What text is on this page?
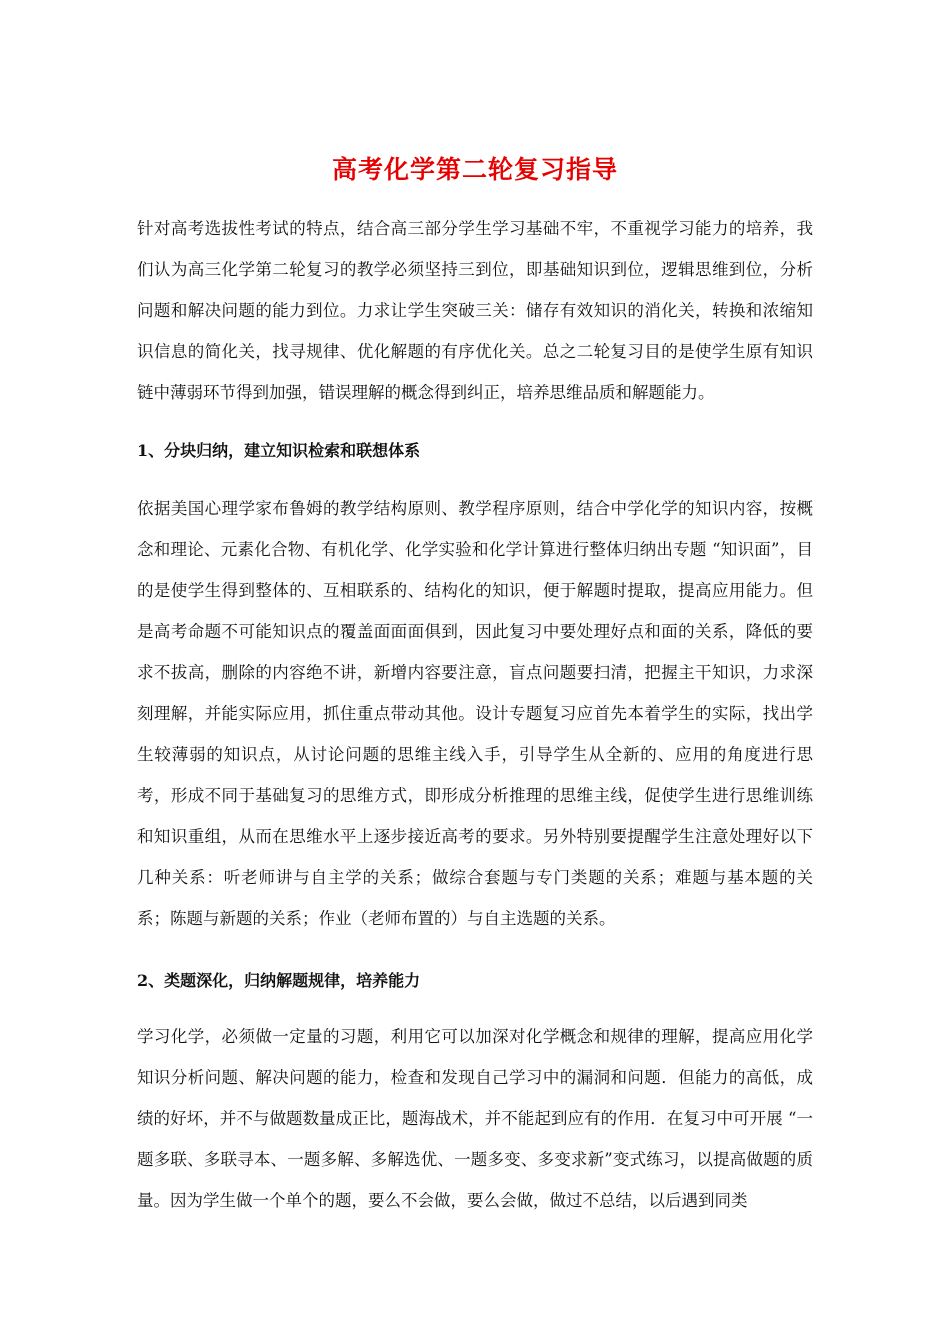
高考化学第二轮复习指导

针对高考选拔性考试的特点，结合高三部分学生学习基础不牢，不重视学习能力的培养，我们认为高三化学第二轮复习的教学必须坚持三到位，即基础知识到位，逻辑思维到位，分析问题和解决问题的能力到位。力求让学生突破三关：储存有效知识的消化关，转换和浓缩知识信息的简化关，找寻规律、优化解题的有序优化关。总之二轮复习目的是使学生原有知识链中薄弱环节得到加强，错误理解的概念得到纠正，培养思维品质和解题能力。

1、分块归纳，建立知识检索和联想体系

依据美国心理学家布鲁姆的教学结构原则、教学程序原则，结合中学化学的知识内容，按概念和理论、元素化合物、有机化学、化学实验和化学计算进行整体归纳出专题 “知识面”，目的是使学生得到整体的、互相联系的、结构化的知识，便于解题时提取，提高应用能力。但是高考命题不可能知识点的覆盖面面面俱到，因此复习中要处理好点和面的关系，降低的要求不拔高，删除的内容绝不讲，新增内容要注意，盲点问题要扫清，把握主干知识，力求深刻理解，并能实际应用，抓住重点带动其他。设计专题复习应首先本着学生的实际，找出学生较薄弱的知识点，从讨论问题的思维主线入手，引导学生从全新的、应用的角度进行思考，形成不同于基础复习的思维方式，即形成分析推理的思维主线，促使学生进行思维训练和知识重组，从而在思维水平上逐步接近高考的要求。另外特别要提醒学生注意处理好以下几种关系：听老师讲与自主学的关系；做综合套题与专门类题的关系；难题与基本题的关系；陈题与新题的关系；作业（老师布置的）与自主选题的关系。

2、类题深化，归纳解题规律，培养能力

学习化学，必须做一定量的习题，利用它可以加深对化学概念和规律的理解，提高应用化学知识分析问题、解决问题的能力，检查和发现自己学习中的漏洞和问题．但能力的高低，成绩的好坏，并不与做题数量成正比，题海战术，并不能起到应有的作用．在复习中可开展 “一题多联、多联寻本、一题多解、多解选优、一题多变、多变求新”变式练习，以提高做题的质量。因为学生做一个单个的题，要么不会做，要么会做，做过不总结，以后遇到同类
